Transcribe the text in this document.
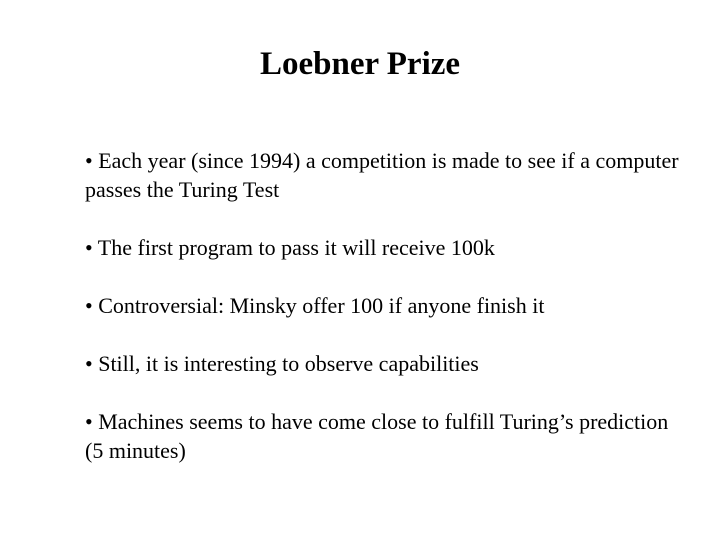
Loebner Prize
• Each year (since 1994) a competition is made to see if a computer passes the Turing Test
• The first program to pass it will receive 100k
• Controversial: Minsky offer 100 if anyone finish it
• Still, it is interesting to observe capabilities
• Machines seems to have come close to fulfill Turing’s prediction (5 minutes)
